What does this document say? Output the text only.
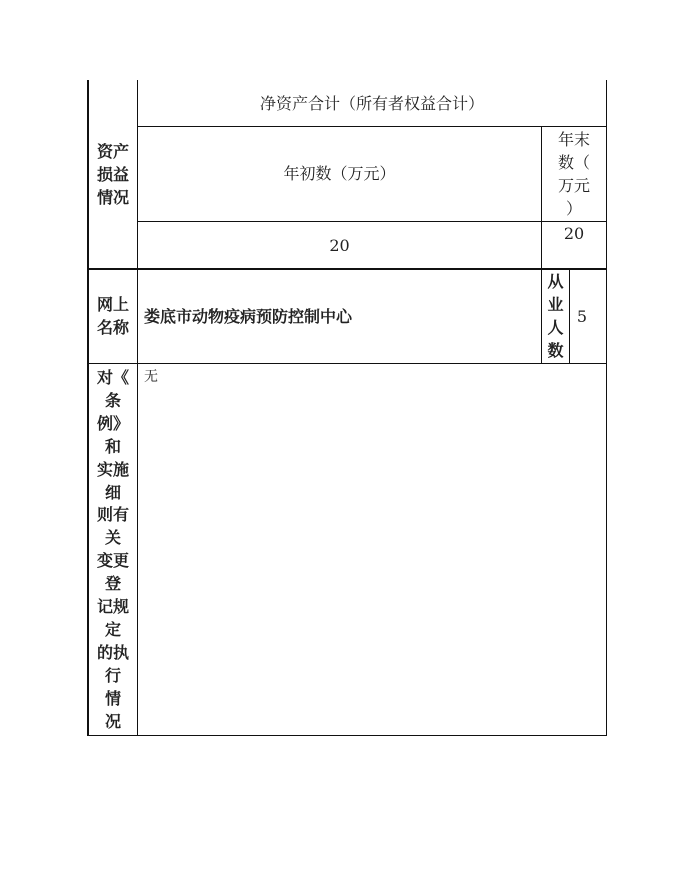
资产
损益
情况
净资产合计（所有者权益合计）
年初数（万元）
年末
数（
万元
）
20
20
网上
名称
娄底市动物疫病预防控制中心
从
业
人
数
5
对《
条
例》
和
实施
细
则有
关
变更
登
记规
定
的执
行
情
况
无
